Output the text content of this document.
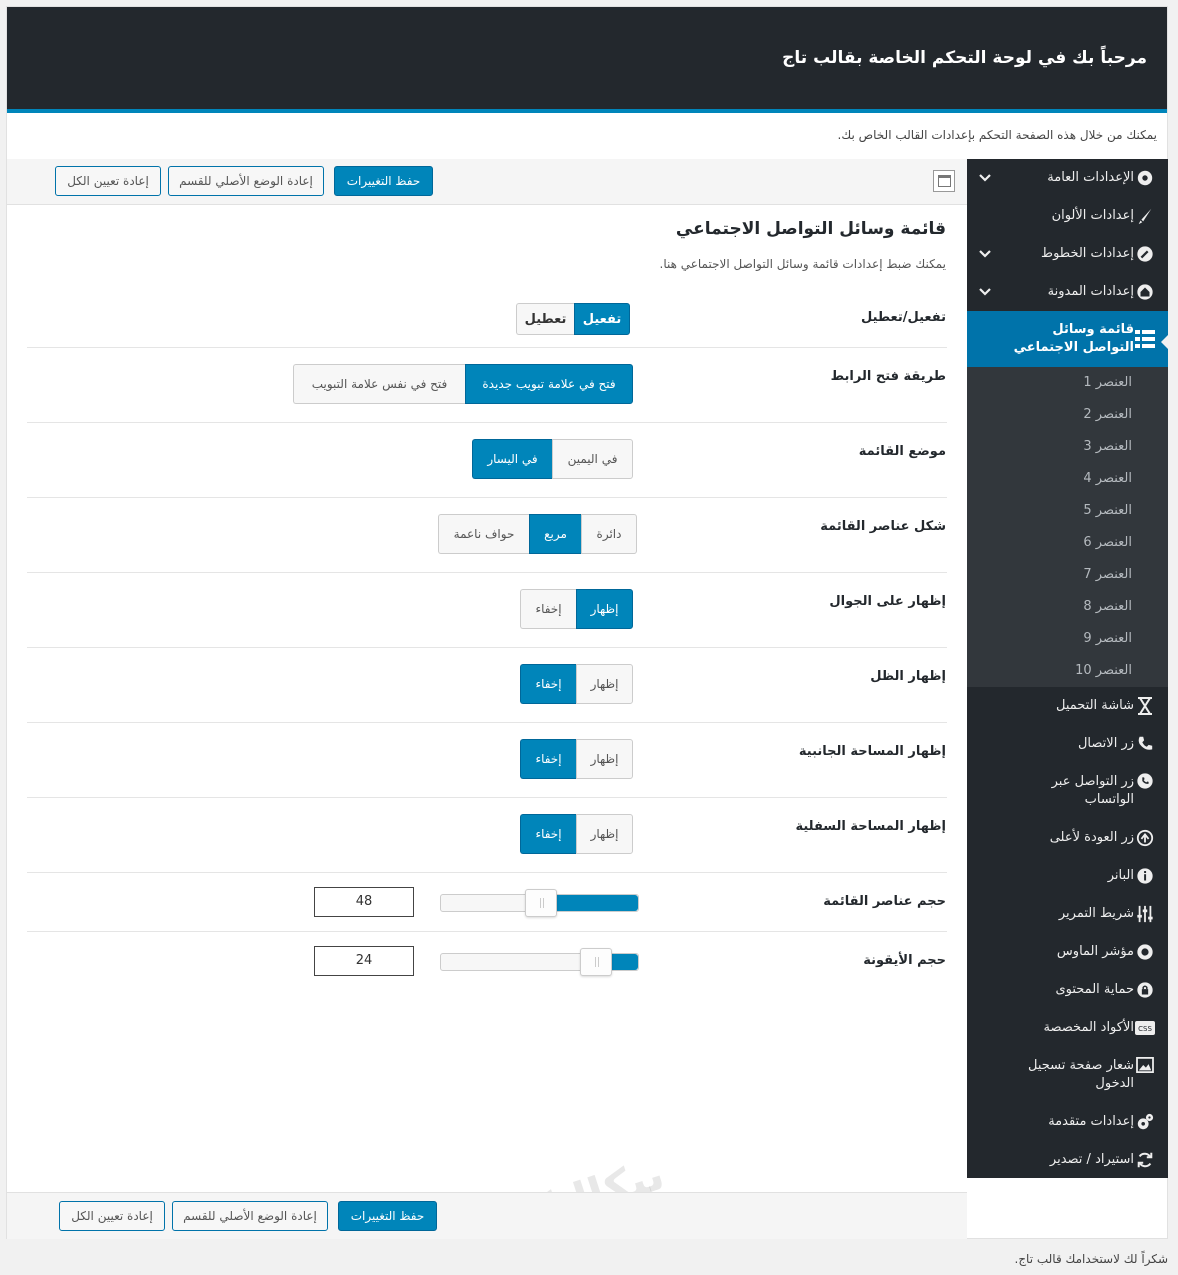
مرحباً بك في لوحة التحكم الخاصة بقالب تاج
يمكنك من خلال هذه الصفحة التحكم بإعدادات القالب الخاص بك.
حفظ التغييرات
إعادة الوضع الأصلي للقسم
إعادة تعيين الكل
قائمة وسائل التواصل الاجتماعي
يمكنك ضبط إعدادات قائمة وسائل التواصل الاجتماعي هنا.
تفعيل/تعطيل
تفعيل
تعطيل
طريقة فتح الرابط
فتح في علامة تبويب جديدة
فتح في نفس علامة التبويب
موضع القائمة
في اليمين
في اليسار
شكل عناصر القائمة
دائرة
مربع
حواف ناعمة
إظهار على الجوال
إظهار
إخفاء
إظهار الظل
إظهار
إخفاء
إظهار المساحة الجانبية
إظهار
إخفاء
إظهار المساحة السفلية
إظهار
إخفاء
حجم عناصر القائمة
48
حجم الأيقونة
24
حفظ التغييرات
إعادة الوضع الأصلي للقسم
إعادة تعيين الكل
الإعدادات العامة
إعدادات الألوان
إعدادات الخطوط
إعدادات المدونة
قائمة وسائل التواصل الاجتماعي
العنصر 1
العنصر 2
العنصر 3
العنصر 4
العنصر 5
العنصر 6
العنصر 7
العنصر 8
العنصر 9
العنصر 10
شاشة التحميل
زر الاتصال
زر التواصل عبر الواتساب
زر العودة لأعلى
البانر
شريط التمرير
مؤشر الماوس
حماية المحتوى
CSS
الأكواد المخصصة
شعار صفحة تسجيل الدخول
إعدادات متقدمة
استيراد / تصدير
شكراً لك لاستخدامك قالب تاج.
